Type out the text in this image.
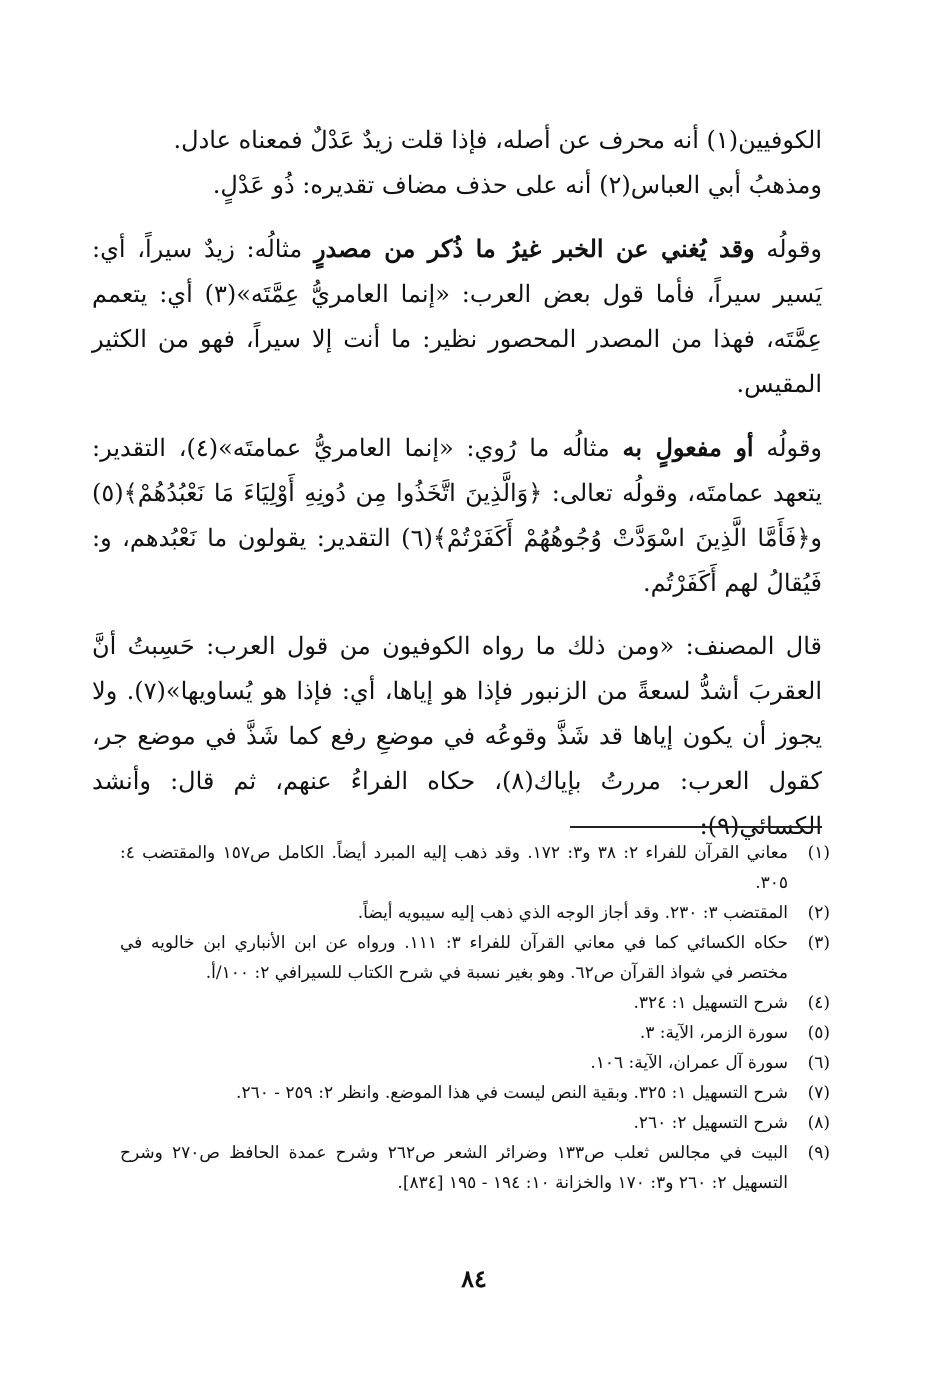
الكوفيين(١) أنه محرف عن أصله، فإذا قلت زيدٌ عَدْلٌ فمعناه عادل.

ومذهبُ أبي العباس(٢) أنه على حذف مضاف تقديره: ذُو عَدْلٍ.

وقولُه وقد يُغني عن الخبر غيرُ ما ذُكر من مصدرٍ مثالُه: زيدٌ سيراً، أي: يَسير سيراً، فأما قول بعض العرب: «إنما العامريُّ عِمَّتَه»(٣) أي: يتعمم عِمَّتَه، فهذا من المصدر المحصور نظير: ما أنت إلا سيراً، فهو من الكثير المقيس.
وقولُه أو مفعولٍ به مثالُه ما رُوي: «إنما العامريُّ عمامتَه»(٤)، التقدير: يتعهد عمامتَه، وقولُه تعالى: ﴿وَالَّذِينَ اتَّخَذُوا مِن دُونِهِ أَوْلِيَاءَ مَا نَعْبُدُهُمْ﴾(٥) و﴿فَأَمَّا الَّذِينَ اسْوَدَّتْ وُجُوهُهُمْ أَكَفَرْتُمْ﴾(٦) التقدير: يقولون ما نَعْبُدهم، و: فَيُقالُ لهم أَكَفَرْتُم.
قال المصنف: «ومن ذلك ما رواه الكوفيون من قول العرب: حَسِبتُ أنَّ العقربَ أشدُّ لسعةً من الزنبور فإذا هو إياها، أي: فإذا هو يُساويها»(٧). ولا يجوز أن يكون إياها قد شَذَّ وقوعُه في موضعِ رفع كما شَذَّ في موضع جر، كقول العرب: مررتُ بإياك(٨)، حكاه الفراءُ عنهم، ثم قال: وأنشد الكسائي(٩):
(١)
معاني القرآن للفراء ٢: ٣٨ و٣: ١٧٢. وقد ذهب إليه المبرد أيضاً. الكامل ص١٥٧ والمقتضب ٤: ٣٠٥.
(٢)
المقتضب ٣: ٢٣٠. وقد أجاز الوجه الذي ذهب إليه سيبويه أيضاً.
(٣)
حكاه الكسائي كما في معاني القرآن للفراء ٣: ١١١. ورواه عن ابن الأنباري ابن خالويه في مختصر في شواذ القرآن ص٦٢. وهو بغير نسبة في شرح الكتاب للسيرافي ٢: ١٠٠/أ.
(٤)
شرح التسهيل ١: ٣٢٤.
(٥)
سورة الزمر، الآية: ٣.
(٦)
سورة آل عمران، الآية: ١٠٦.
(٧)
شرح التسهيل ١: ٣٢٥. وبقية النص ليست في هذا الموضع. وانظر ٢: ٢٥٩ - ٢٦٠.
(٨)
شرح التسهيل ٢: ٢٦٠.
(٩)
البيت في مجالس ثعلب ص١٣٣ وضرائر الشعر ص٢٦٢ وشرح عمدة الحافظ ص٢٧٠ وشرح التسهيل ٢: ٢٦٠ و٣: ١٧٠ والخزانة ١٠: ١٩٤ - ١٩٥ [٨٣٤].
٨٤
